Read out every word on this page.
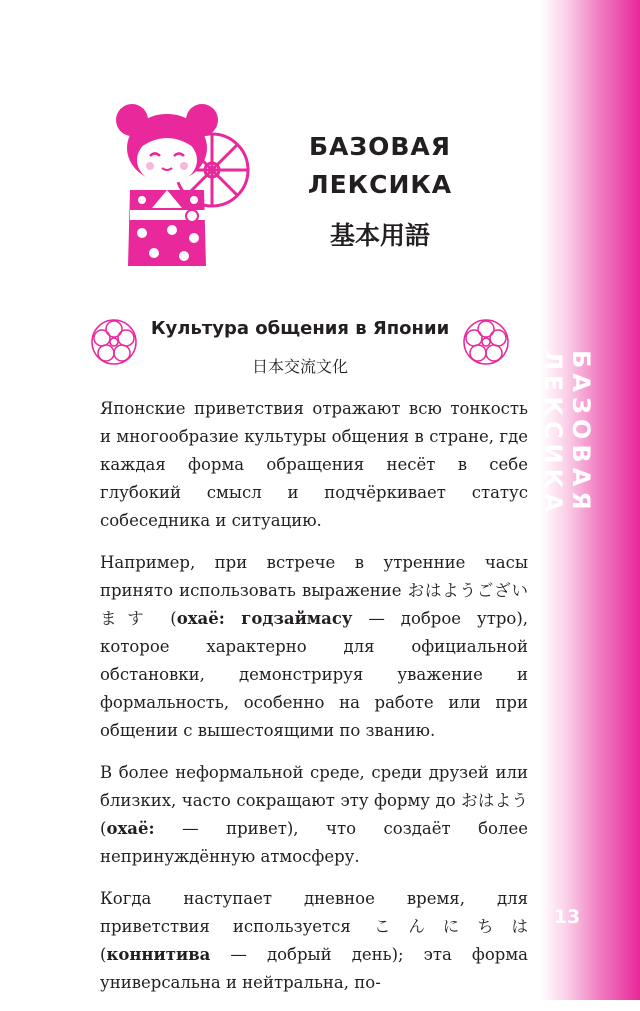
БАЗОВАЯ ЛЕКСИКА
13
БАЗОВАЯ ЛЕКСИКА
基本用語
Культура общения в Японии
日本交流文化

Японские приветствия отражают всю тонкость и многообразие культуры общения в стране, где каждая форма обращения несёт в себе глубокий смысл и подчёркивает статус собеседника и ситуацию.

Например, при встрече в утренние часы принято использовать выражение おはようございます (охаё: годзаймасу — доброе утро), которое характерно для официальной обстановки, демонстрируя уважение и формальность, особенно на работе или при общении с вышестоящими по званию.

В более неформальной среде, среди друзей или близких, часто сокращают эту форму до おはよう (охаё: — привет), что создаёт более непринуждённую атмосферу.

Когда наступает дневное время, для приветствия используется こんにちは (коннитива — добрый день); эта форма универсальна и нейтральна, по-
